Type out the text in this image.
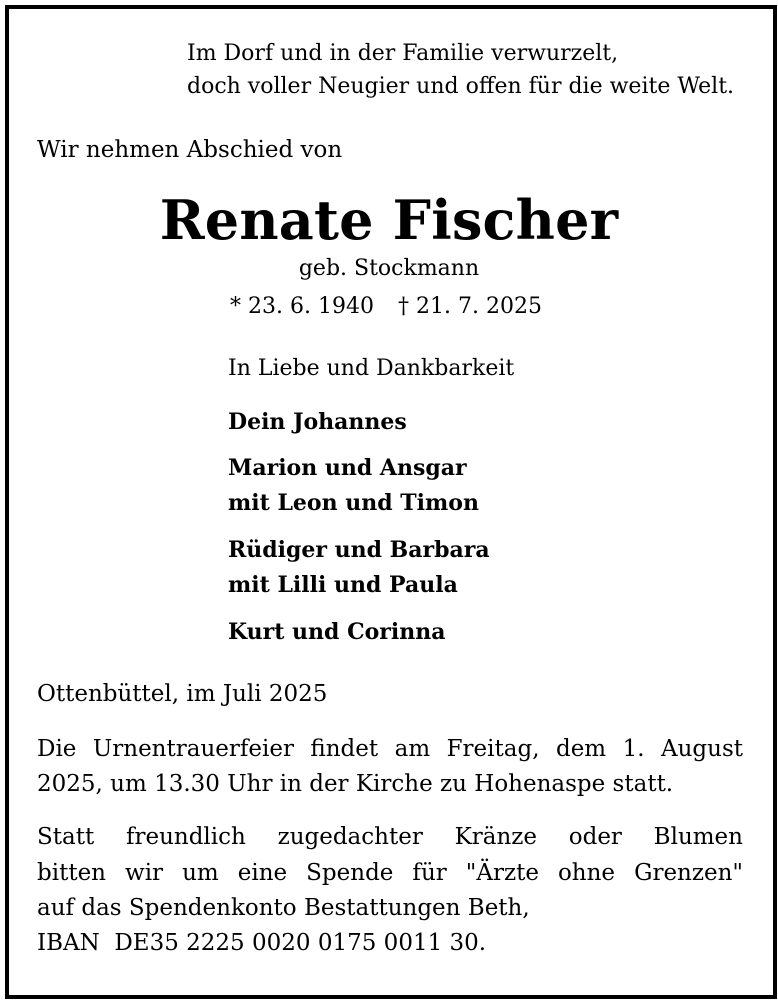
Im Dorf und in der Familie verwurzelt,
doch voller Neugier und offen für die weite Welt.
Wir nehmen Abschied von
Renate Fischer
geb. Stockmann
* 23. 6. 1940 † 21. 7. 2025
In Liebe und Dankbarkeit
Dein Johannes
Marion und Ansgar
mit Leon und Timon
Rüdiger und Barbara
mit Lilli und Paula
Kurt und Corinna
Ottenbüttel, im Juli 2025
Die Urnentrauerfeier findet am Freitag, dem 1. August
2025, um 13.30 Uhr in der Kirche zu Hohenaspe statt.
Statt freundlich zugedachter Kränze oder Blumen
bitten wir um eine Spende für "Ärzte ohne Grenzen"
auf das Spendenkonto Bestattungen Beth,
IBAN  DE35 2225 0020 0175 0011 30.
